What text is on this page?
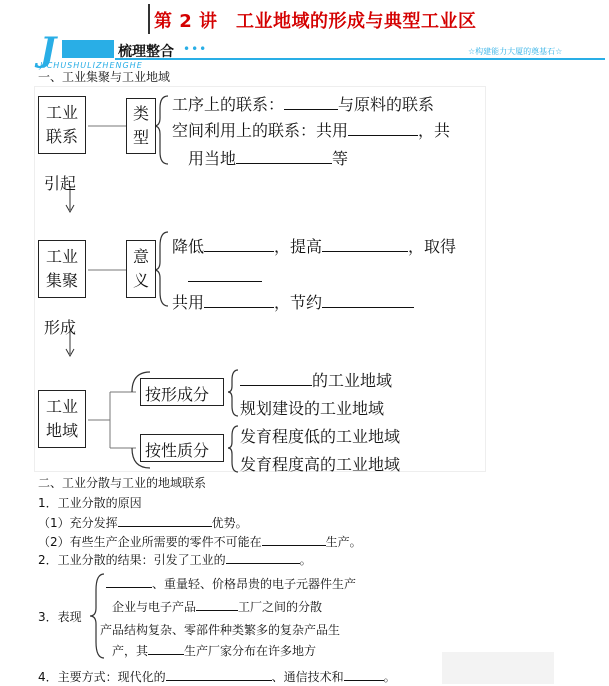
第 2 讲　工业地域的形成与典型工业区
J	梳理整合 •••
JICHUSHULIZHENGHE
☆构建能力大厦的奠基石☆
一、工业集聚与工业地域
工业联系
类型
引起
工业集聚
意义
形成
工业地域
按形成分
按性质分
工序上的联系：	与原料的联系
空间利用上的联系：共用	，共
用当地	等
降低	，提高	，取得
共用	，节约
的工业地域
规划建设的工业地域
发育程度低的工业地域
发育程度高的工业地域
二、工业分散与工业的地域联系
1．工业分散的原因
（1）充分发挥	优势。
（2）有些生产企业所需要的零件不可能在	生产。
2．工业分散的结果：引发了工业的	。
3．表现
、重量轻、价格昂贵的电子元器件生产
企业与电子产品	工厂之间的分散
产品结构复杂、零部件种类繁多的复杂产品生
产，其	生产厂家分布在许多地方
4．主要方式：现代化的	、通信技术和	。
